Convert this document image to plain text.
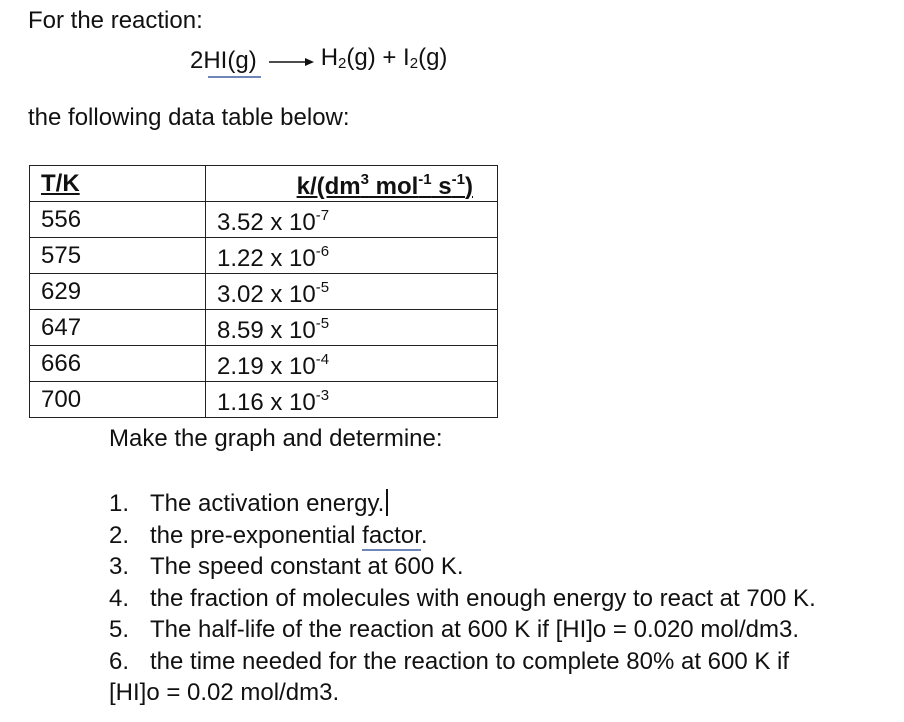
For the reaction:
$2HI(g) \to H_2(g) + I_2(g)$
the following data table below:
T/K	$k/(dm^3$ mol$^{-1}$ $s^{-1}$)
556	3.52 x $10^{-7}$
575	1.22 x $10^{-6}$
629	3.02 x $10^{-5}$
647	8.59 x $10^{-5}$
666	2.19 x $10^{-4}$
700	1.16 x $10^{-3}$
Make the graph and determine:
1. The activation energy.
2. the pre-exponential factor.
3. The speed constant at 600 K.
4. the fraction of molecules with enough energy to react at 700 K.
5. The half-life of the reaction at 600 K if [HI]o = 0.020 mol/dm3.
6. the time needed for the reaction to complete 80% at 600 K if
[HI]o = 0.02 mol/dm3.
